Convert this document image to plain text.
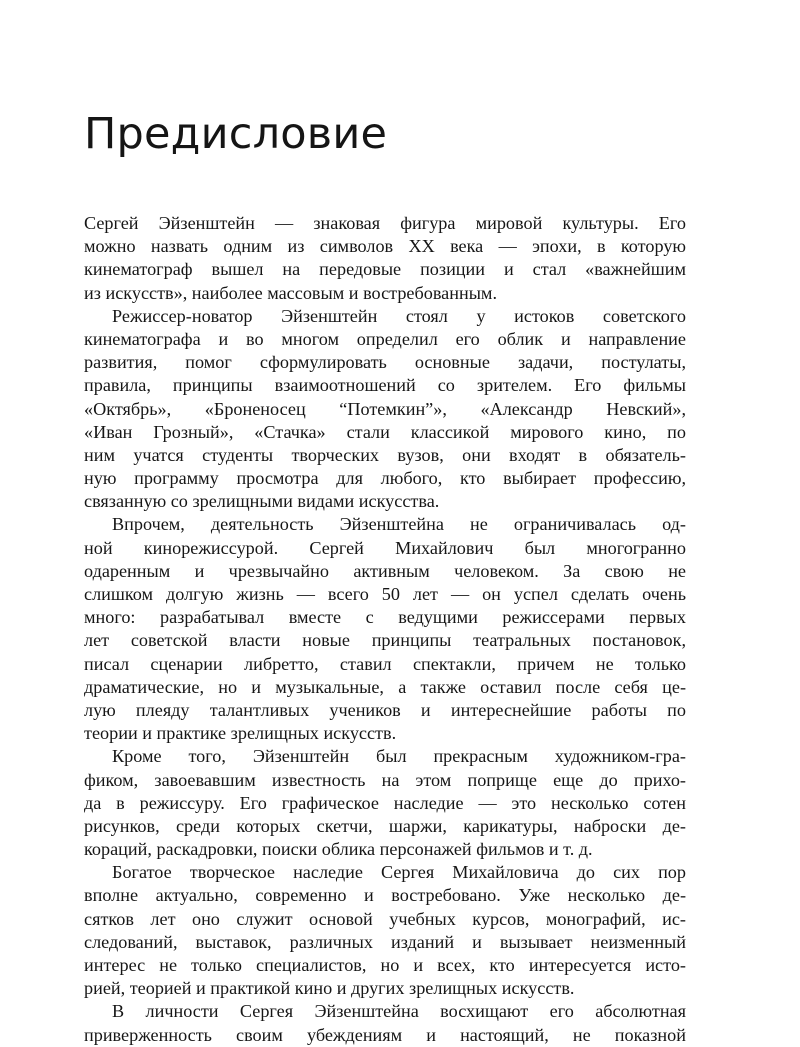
Предисловие
Сергей Эйзенштейн — знаковая фигура мировой культуры. Его
можно назвать одним из символов XX века — эпохи, в которую
кинематограф вышел на передовые позиции и стал «важнейшим
из искусств», наиболее массовым и востребованным.
Режиссер-новатор Эйзенштейн стоял у истоков советского
кинематографа и во многом определил его облик и направление
развития, помог сформулировать основные задачи, постулаты,
правила, принципы взаимоотношений со зрителем. Его фильмы
«Октябрь», «Броненосец “Потемкин”», «Александр Невский»,
«Иван Грозный», «Стачка» стали классикой мирового кино, по
ним учатся студенты творческих вузов, они входят в обязатель-
ную программу просмотра для любого, кто выбирает профессию,
связанную со зрелищными видами искусства.
Впрочем, деятельность Эйзенштейна не ограничивалась од-
ной кинорежиссурой. Сергей Михайлович был многогранно
одаренным и чрезвычайно активным человеком. За свою не
слишком долгую жизнь — всего 50 лет — он успел сделать очень
много: разрабатывал вместе с ведущими режиссерами первых
лет советской власти новые принципы театральных постановок,
писал сценарии либретто, ставил спектакли, причем не только
драматические, но и музыкальные, а также оставил после себя це-
лую плеяду талантливых учеников и интереснейшие работы по
теории и практике зрелищных искусств.
Кроме того, Эйзенштейн был прекрасным художником-гра-
фиком, завоевавшим известность на этом поприще еще до прихо-
да в режиссуру. Его графическое наследие — это несколько сотен
рисунков, среди которых скетчи, шаржи, карикатуры, наброски де-
кораций, раскадровки, поиски облика персонажей фильмов и т. д.
Богатое творческое наследие Сергея Михайловича до сих пор
вполне актуально, современно и востребовано. Уже несколько де-
сятков лет оно служит основой учебных курсов, монографий, ис-
следований, выставок, различных изданий и вызывает неизменный
интерес не только специалистов, но и всех, кто интересуется исто-
рией, теорией и практикой кино и других зрелищных искусств.
В личности Сергея Эйзенштейна восхищают его абсолютная
приверженность своим убеждениям и настоящий, не показной
